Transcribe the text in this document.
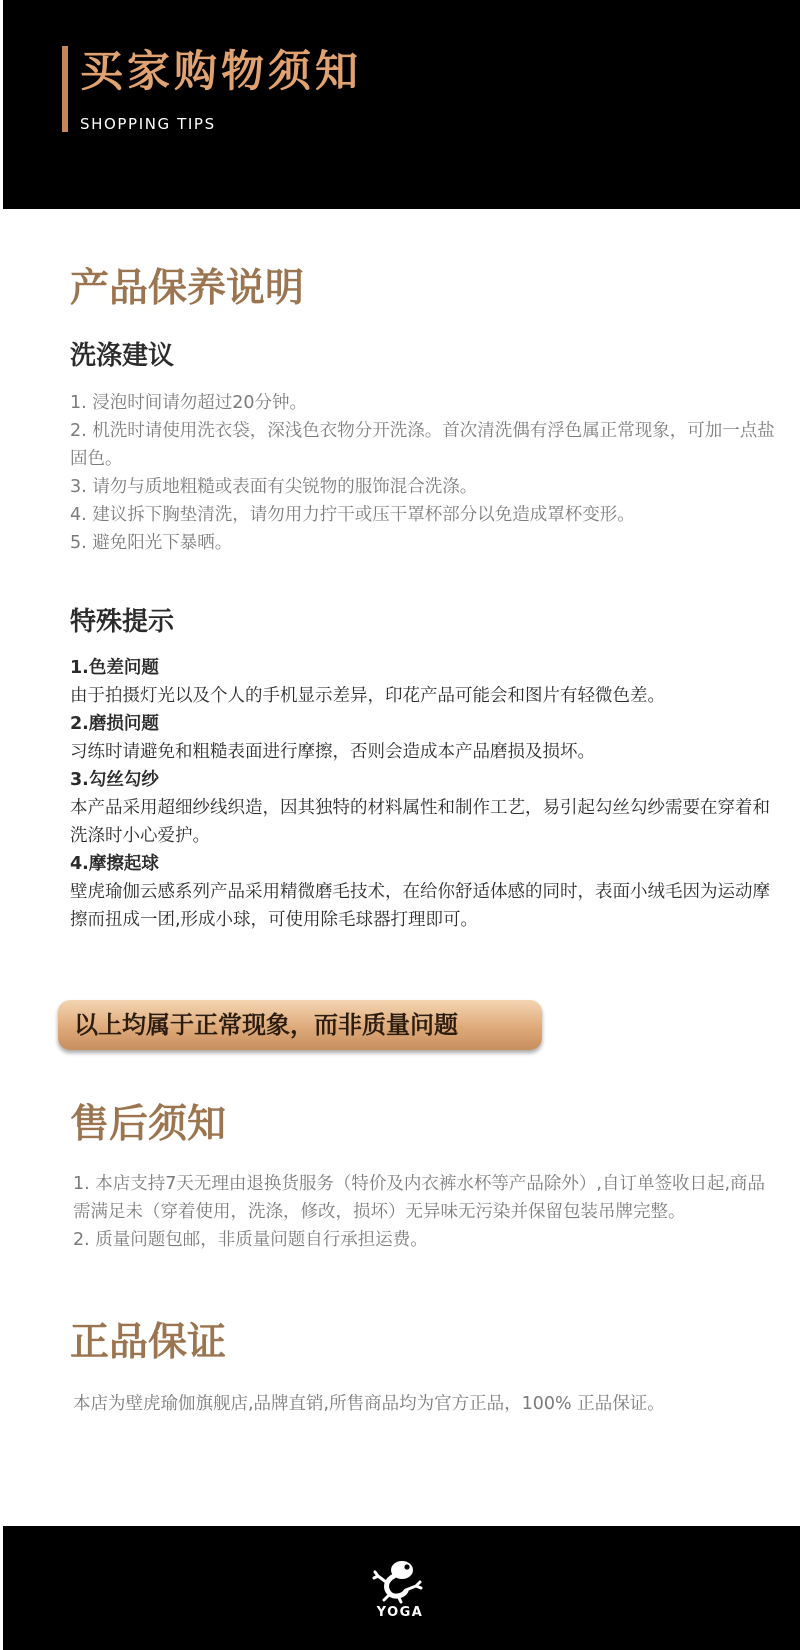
买家购物须知
SHOPPING TIPS
产品保养说明
洗涤建议
1. 浸泡时间请勿超过20分钟。
2. 机洗时请使用洗衣袋，深浅色衣物分开洗涤。首次清洗偶有浮色属正常现象，可加一点盐固色。
3. 请勿与质地粗糙或表面有尖锐物的服饰混合洗涤。
4. 建议拆下胸垫清洗，请勿用力拧干或压干罩杯部分以免造成罩杯变形。
5. 避免阳光下暴晒。
特殊提示
1.色差问题
由于拍摄灯光以及个人的手机显示差异，印花产品可能会和图片有轻微色差。
2.磨损问题
习练时请避免和粗糙表面进行摩擦，否则会造成本产品磨损及损坏。
3.勾丝勾纱
本产品采用超细纱线织造，因其独特的材料属性和制作工艺，易引起勾丝勾纱需要在穿着和洗涤时小心爱护。
4.摩擦起球
壁虎瑜伽云感系列产品采用精微磨毛技术，在给你舒适体感的同时，表面小绒毛因为运动摩擦而扭成一团,形成小球，可使用除毛球器打理即可。
以上均属于正常现象，而非质量问题
售后须知
1. 本店支持7天无理由退换货服务（特价及内衣裤水杯等产品除外）,自订单签收日起,商品需满足未（穿着使用，洗涤，修改，损坏）无异味无污染并保留包装吊牌完整。
2. 质量问题包邮，非质量问题自行承担运费。
正品保证
本店为壁虎瑜伽旗舰店,品牌直销,所售商品均为官方正品，100% 正品保证。
YOGA
